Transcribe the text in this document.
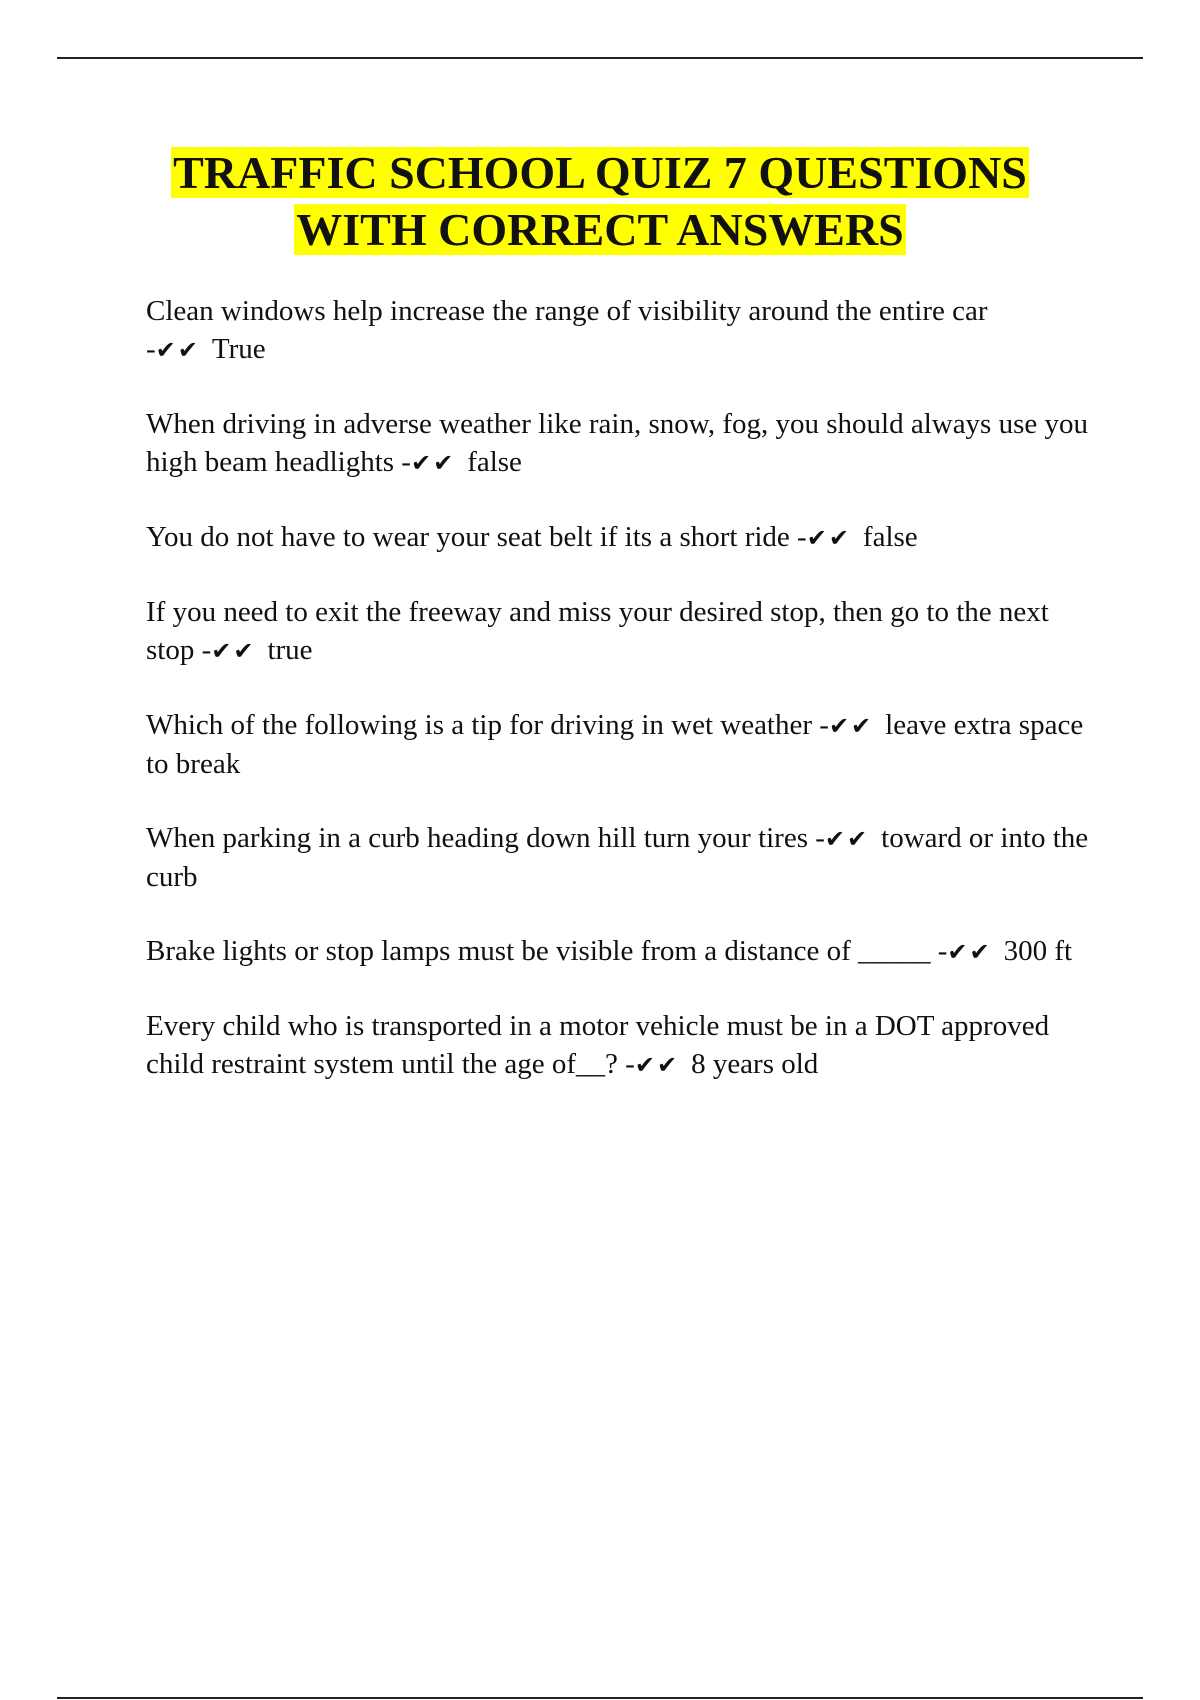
TRAFFIC SCHOOL QUIZ 7 QUESTIONS
WITH CORRECT ANSWERS
Clean windows help increase the range of visibility around the entire car -✔✔ True
When driving in adverse weather like rain, snow, fog, you should always use you high beam headlights -✔✔ false
You do not have to wear your seat belt if its a short ride -✔✔ false
If you need to exit the freeway and miss your desired stop, then go to the next stop -✔✔ true
Which of the following is a tip for driving in wet weather -✔✔ leave extra space to break
When parking in a curb heading down hill turn your tires -✔✔ toward or into the curb
Brake lights or stop lamps must be visible from a distance of _____ -✔✔ 300 ft
Every child who is transported in a motor vehicle must be in a DOT approved child restraint system until the age of__? -✔✔ 8 years old
